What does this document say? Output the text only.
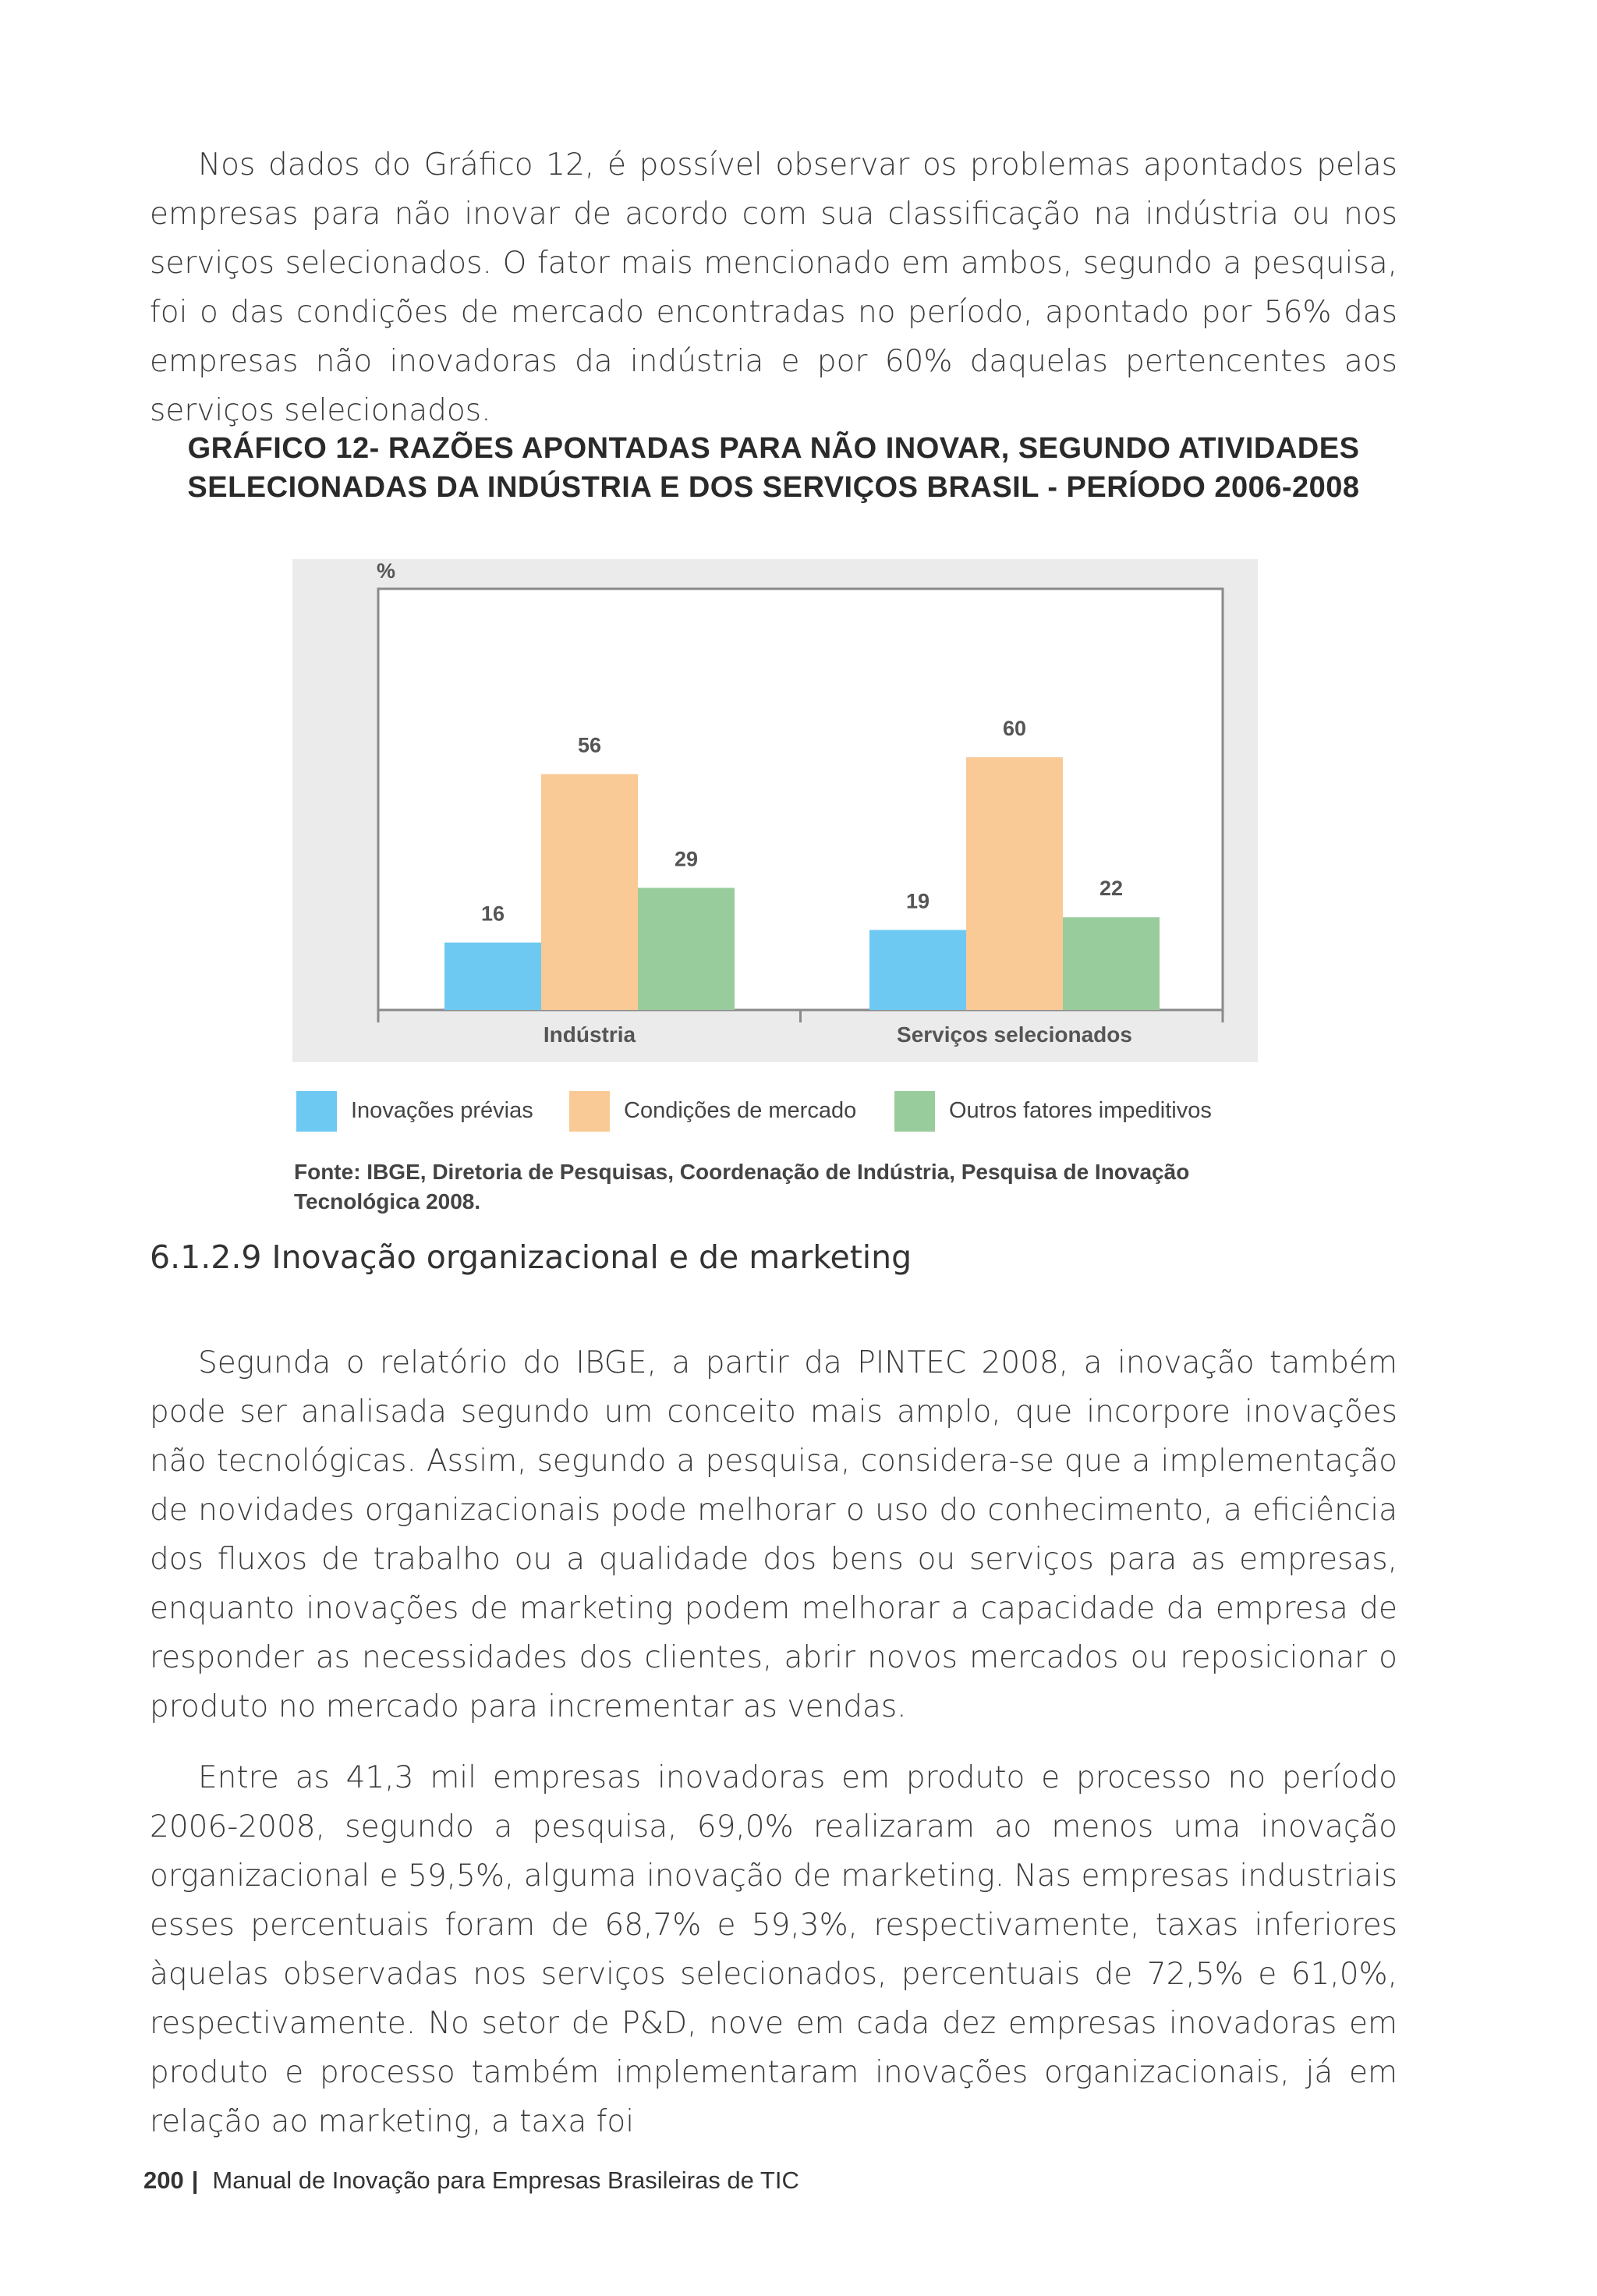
Nos dados do Gráfico 12, é possível observar os problemas apontados pelas empresas para não inovar de acordo com sua classificação na indústria ou nos serviços selecionados. O fator mais mencionado em ambos, segundo a pesquisa, foi o das condições de mercado encontradas no período, apontado por 56% das empresas não inovadoras da indústria e por 60% daquelas pertencentes aos serviços selecionados.

GRÁFICO 12- RAZÕES APONTADAS PARA NÃO INOVAR, SEGUNDO ATIVIDADES
SELECIONADAS DA INDÚSTRIA E DOS SERVIÇOS BRASIL - PERÍODO 2006-2008
%
16
56
29
Indústria
19
60
22
Serviços selecionados
Inovações prévias	Condições de mercado	Outros fatores impeditivos
Fonte: IBGE, Diretoria de Pesquisas, Coordenação de Indústria, Pesquisa de Inovação Tecnológica 2008.
6.1.2.9 Inovação organizacional e de marketing

Segunda o relatório do IBGE, a partir da PINTEC 2008, a inovação também pode ser analisada segundo um conceito mais amplo, que incorpore inovações não tecnológicas. Assim, segundo a pesquisa, considera-se que a implementação de novidades organizacionais pode melhorar o uso do conhecimento, a eficiência dos fluxos de trabalho ou a qualidade dos bens ou serviços para as empresas, enquanto inovações de marketing podem melhorar a capacidade da empresa de responder as necessidades dos clientes, abrir novos mercados ou reposicionar o produto no mercado para incrementar as vendas.

Entre as 41,3 mil empresas inovadoras em produto e processo no período 2006-2008, segundo a pesquisa, 69,0% realizaram ao menos uma inovação organizacional e 59,5%, alguma inovação de marketing. Nas empresas industriais esses percentuais foram de 68,7% e 59,3%, respectivamente, taxas inferiores àquelas observadas nos serviços selecionados, percentuais de 72,5% e 61,0%, respectivamente. No setor de P&D, nove em cada dez empresas inovadoras em produto e processo também implementaram inovações organizacionais, já em relação ao marketing, a taxa foi

200 | Manual de Inovação para Empresas Brasileiras de TIC
